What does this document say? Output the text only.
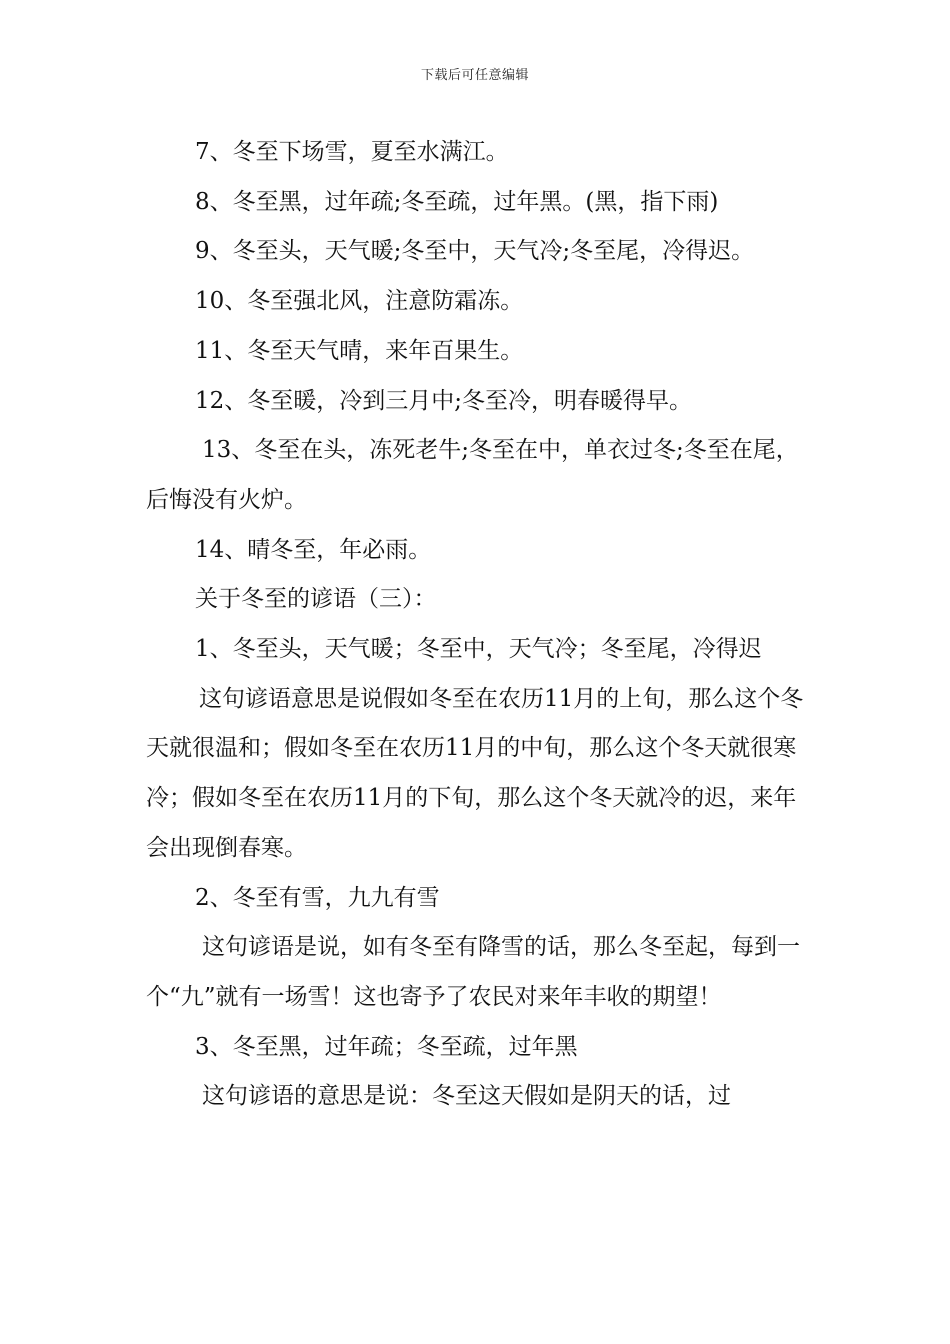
下载后可任意编辑

7、冬至下场雪，夏至水满江。

8、冬至黑，过年疏;冬至疏，过年黑。(黑，指下雨)

9、冬至头，天气暖;冬至中，天气冷;冬至尾，冷得迟。

10、冬至强北风，注意防霜冻。

11、冬至天气晴，来年百果生。

12、冬至暖，冷到三月中;冬至冷，明春暖得早。

13、冬至在头，冻死老牛;冬至在中，单衣过冬;冬至在尾，后悔没有火炉。

14、晴冬至，年必雨。

关于冬至的谚语（三）：

1、冬至头，天气暖；冬至中，天气冷；冬至尾，冷得迟

这句谚语意思是说假如冬至在农历11月的上旬，那么这个冬天就很温和；假如冬至在农历11月的中旬，那么这个冬天就很寒冷；假如冬至在农历11月的下旬，那么这个冬天就冷的迟，来年会出现倒春寒。

2、冬至有雪，九九有雪

这句谚语是说，如有冬至有降雪的话，那么冬至起，每到一个“九”就有一场雪！这也寄予了农民对来年丰收的期望！

3、冬至黑，过年疏；冬至疏，过年黑

这句谚语的意思是说：冬至这天假如是阴天的话，过
